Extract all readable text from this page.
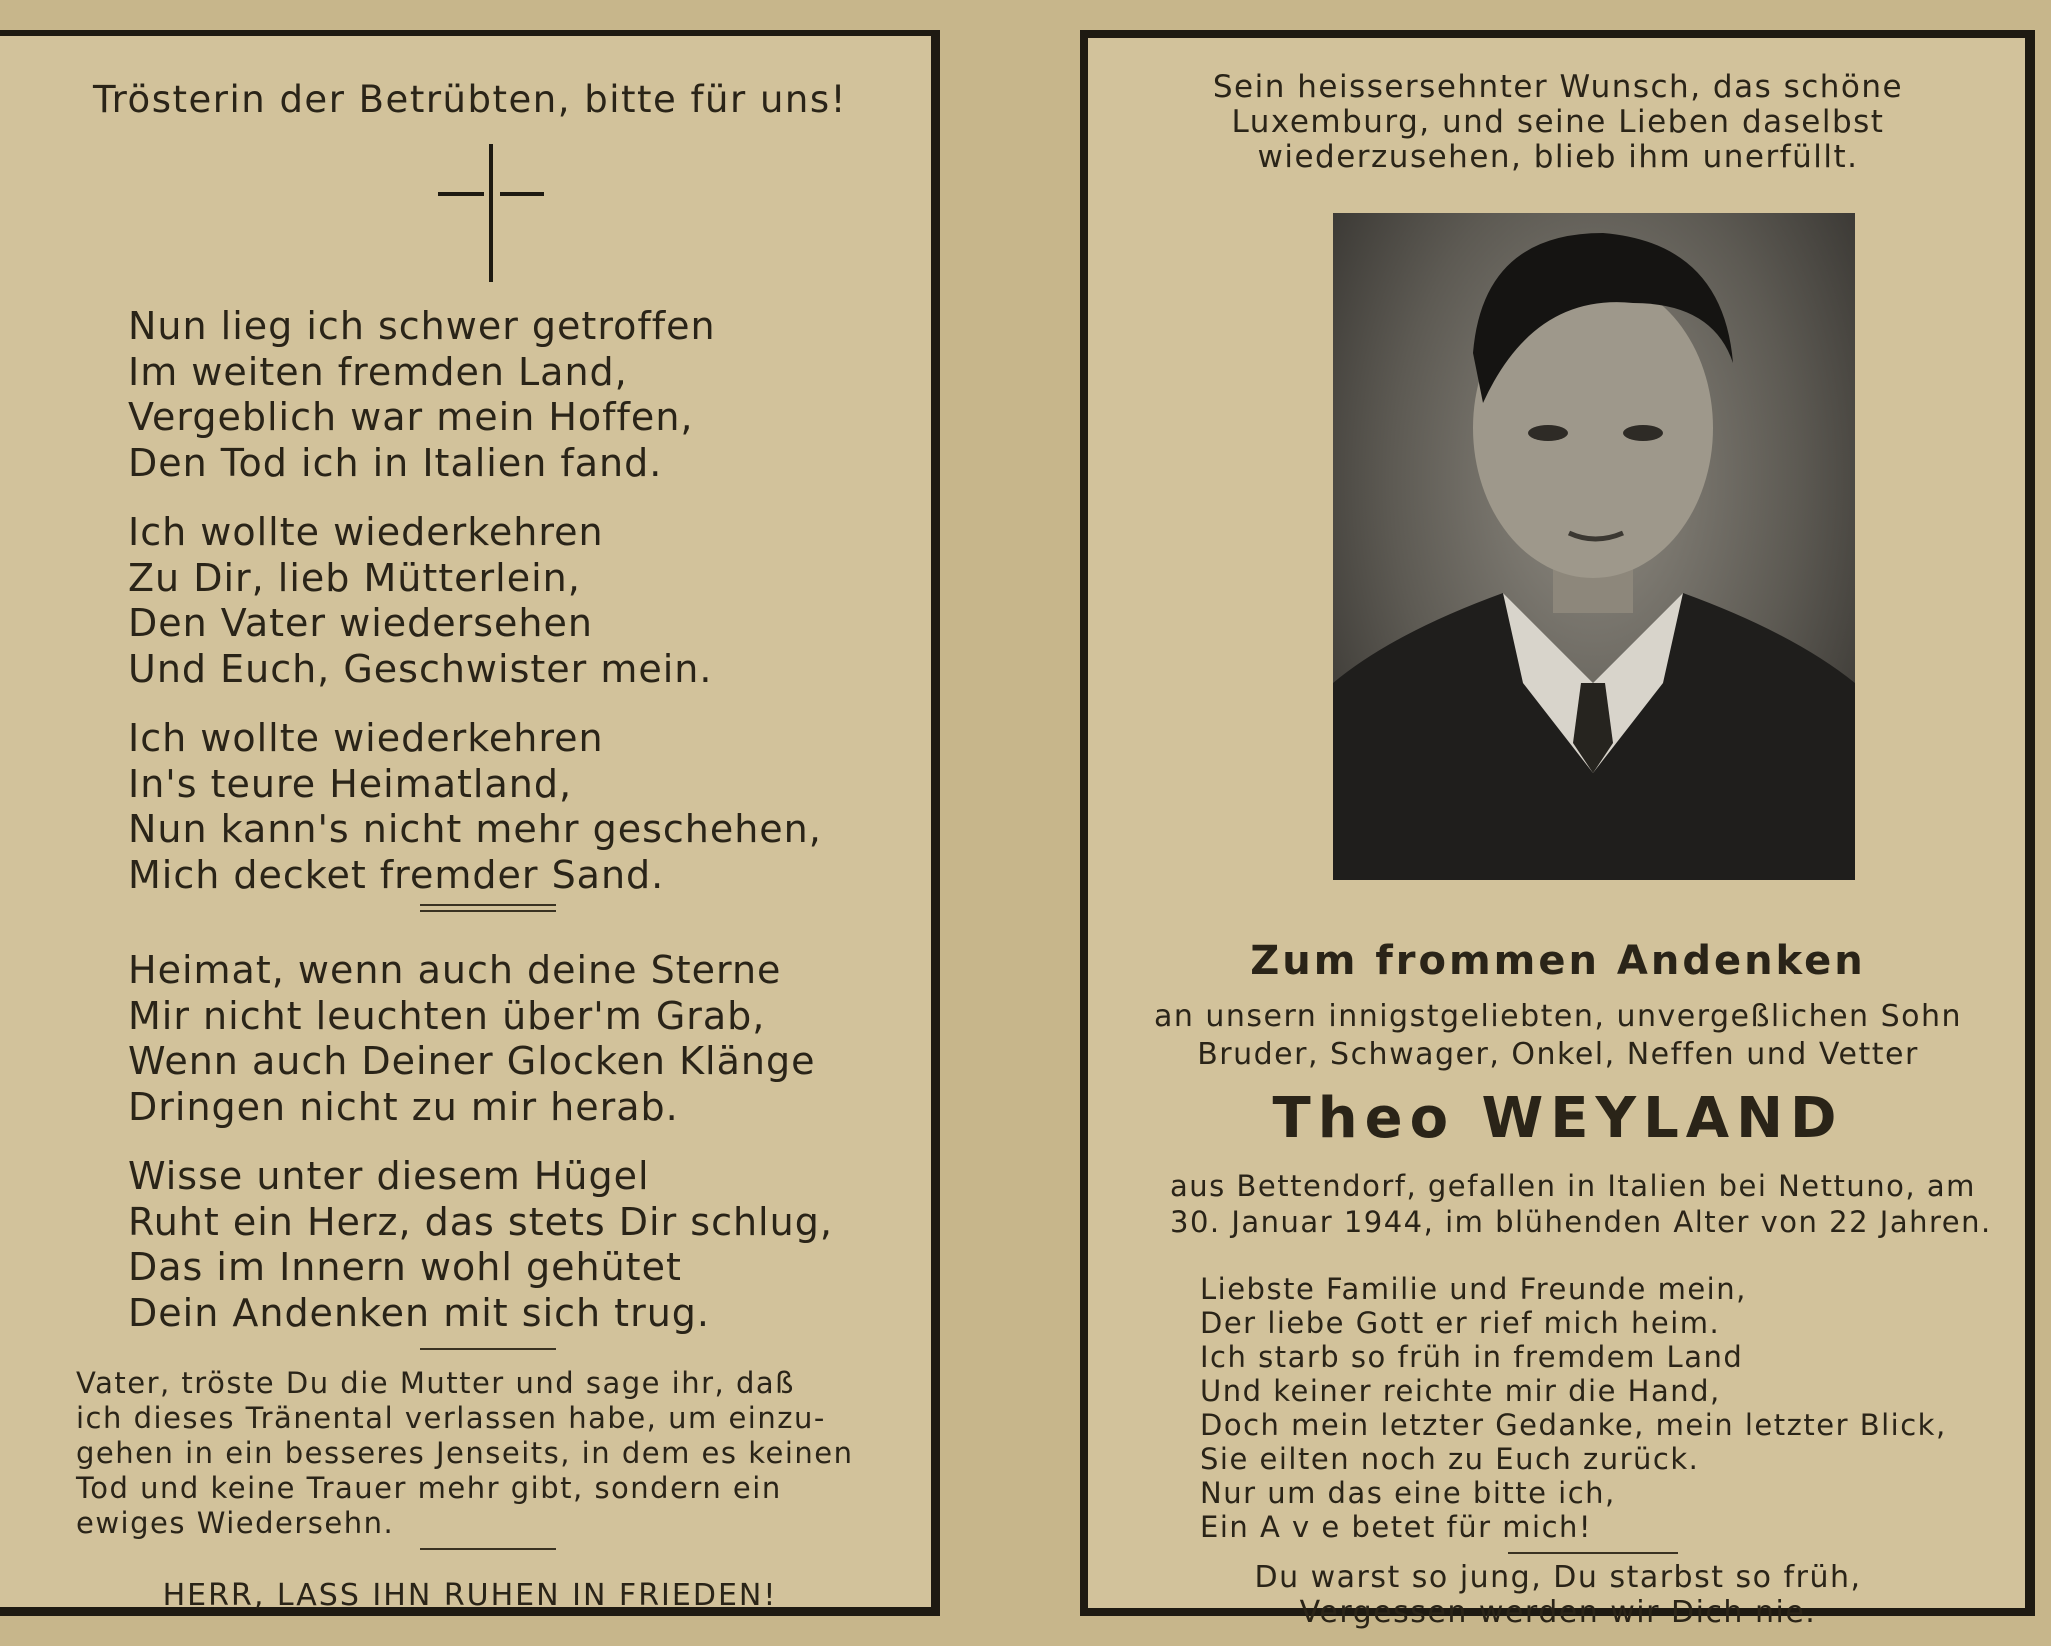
Trösterin der Betrübten, bitte für uns!

Nun lieg ich schwer getroffen
Im weiten fremden Land,
Vergeblich war mein Hoffen,
Den Tod ich in Italien fand.
Ich wollte wiederkehren
Zu Dir, lieb Mütterlein,
Den Vater wiedersehen
Und Euch, Geschwister mein.
Ich wollte wiederkehren
In's teure Heimatland,
Nun kann's nicht mehr geschehen,
Mich decket fremder Sand.
Heimat, wenn auch deine Sterne
Mir nicht leuchten über'm Grab,
Wenn auch Deiner Glocken Klänge
Dringen nicht zu mir herab.
Wisse unter diesem Hügel
Ruht ein Herz, das stets Dir schlug,
Das im Innern wohl gehütet
Dein Andenken mit sich trug.
Vater, tröste Du die Mutter und sage ihr, daß
ich dieses Tränental verlassen habe, um einzu-
gehen in ein besseres Jenseits, in dem es keinen
Tod und keine Trauer mehr gibt, sondern ein
ewiges Wiedersehn.

HERR, LASS IHN RUHEN IN FRIEDEN!

Sein heissersehnter Wunsch, das schöne
Luxemburg, und seine Lieben daselbst
wiederzusehen, blieb ihm unerfüllt.

Zum frommen Andenken

an unsern innigstgeliebten, unvergeßlichen Sohn
Bruder, Schwager, Onkel, Neffen und Vetter

Theo WEYLAND

aus Bettendorf, gefallen in Italien bei Nettuno, am
30. Januar 1944, im blühenden Alter von 22 Jahren.
Liebste Familie und Freunde mein,
Der liebe Gott er rief mich heim.
Ich starb so früh in fremdem Land
Und keiner reichte mir die Hand,
Doch mein letzter Gedanke, mein letzter Blick,
Sie eilten noch zu Euch zurück.
Nur um das eine bitte ich,
Ein A v e betet für mich!
Du warst so jung, Du starbst so früh,
Vergessen werden wir Dich nie.
